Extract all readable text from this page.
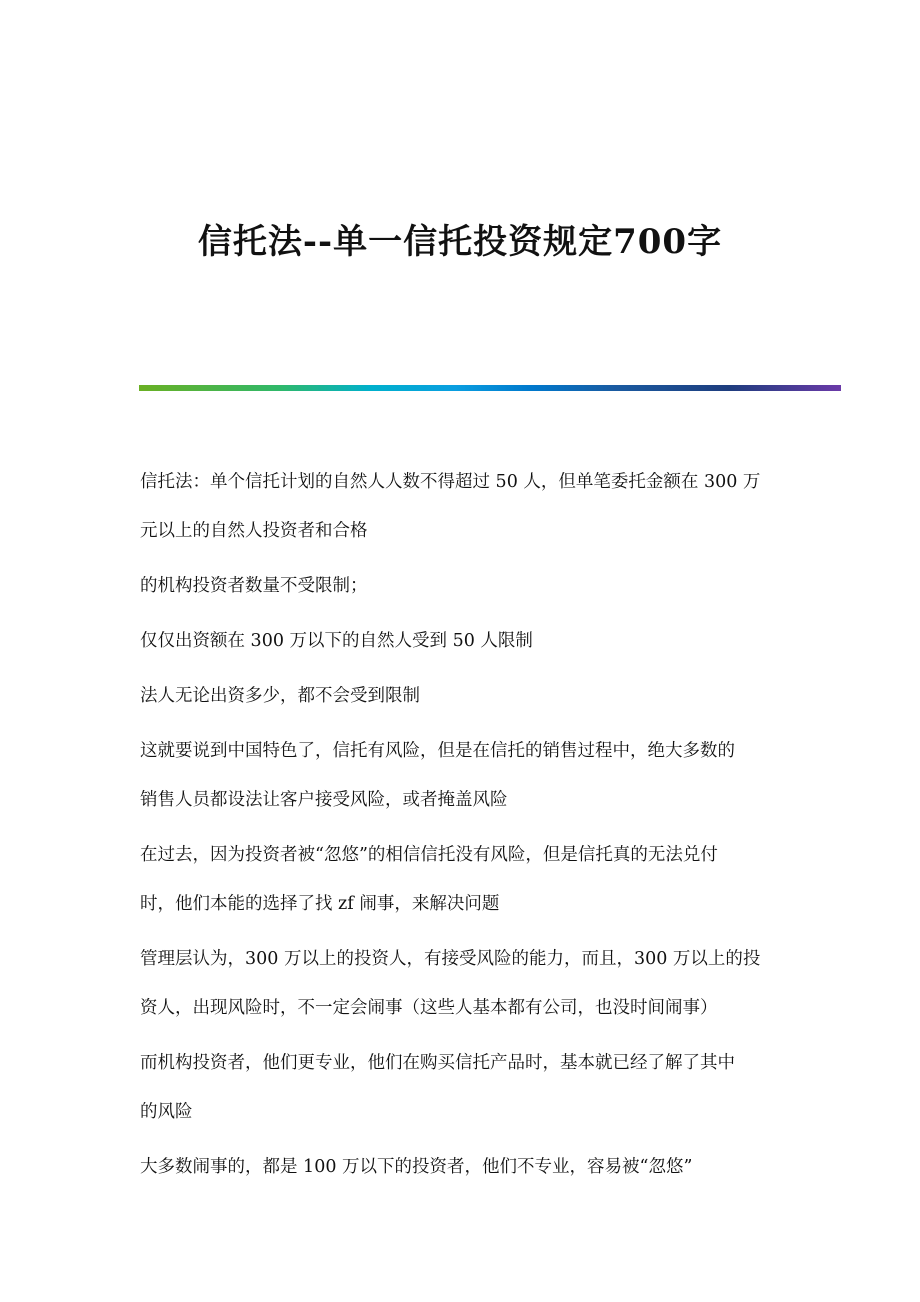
信托法--单一信托投资规定700字
信托法：单个信托计划的自然人人数不得超过 50 人，但单笔委托金额在 300 万
元以上的自然人投资者和合格
的机构投资者数量不受限制；
仅仅出资额在 300 万以下的自然人受到 50 人限制
法人无论出资多少，都不会受到限制
这就要说到中国特色了，信托有风险，但是在信托的销售过程中，绝大多数的
销售人员都设法让客户接受风险，或者掩盖风险
在过去，因为投资者被“忽悠”的相信信托没有风险，但是信托真的无法兑付
时，他们本能的选择了找 zf 闹事，来解决问题
管理层认为，300 万以上的投资人，有接受风险的能力，而且，300 万以上的投
资人，出现风险时，不一定会闹事（这些人基本都有公司，也没时间闹事）
而机构投资者，他们更专业，他们在购买信托产品时，基本就已经了解了其中
的风险
大多数闹事的，都是 100 万以下的投资者，他们不专业，容易被“忽悠”
